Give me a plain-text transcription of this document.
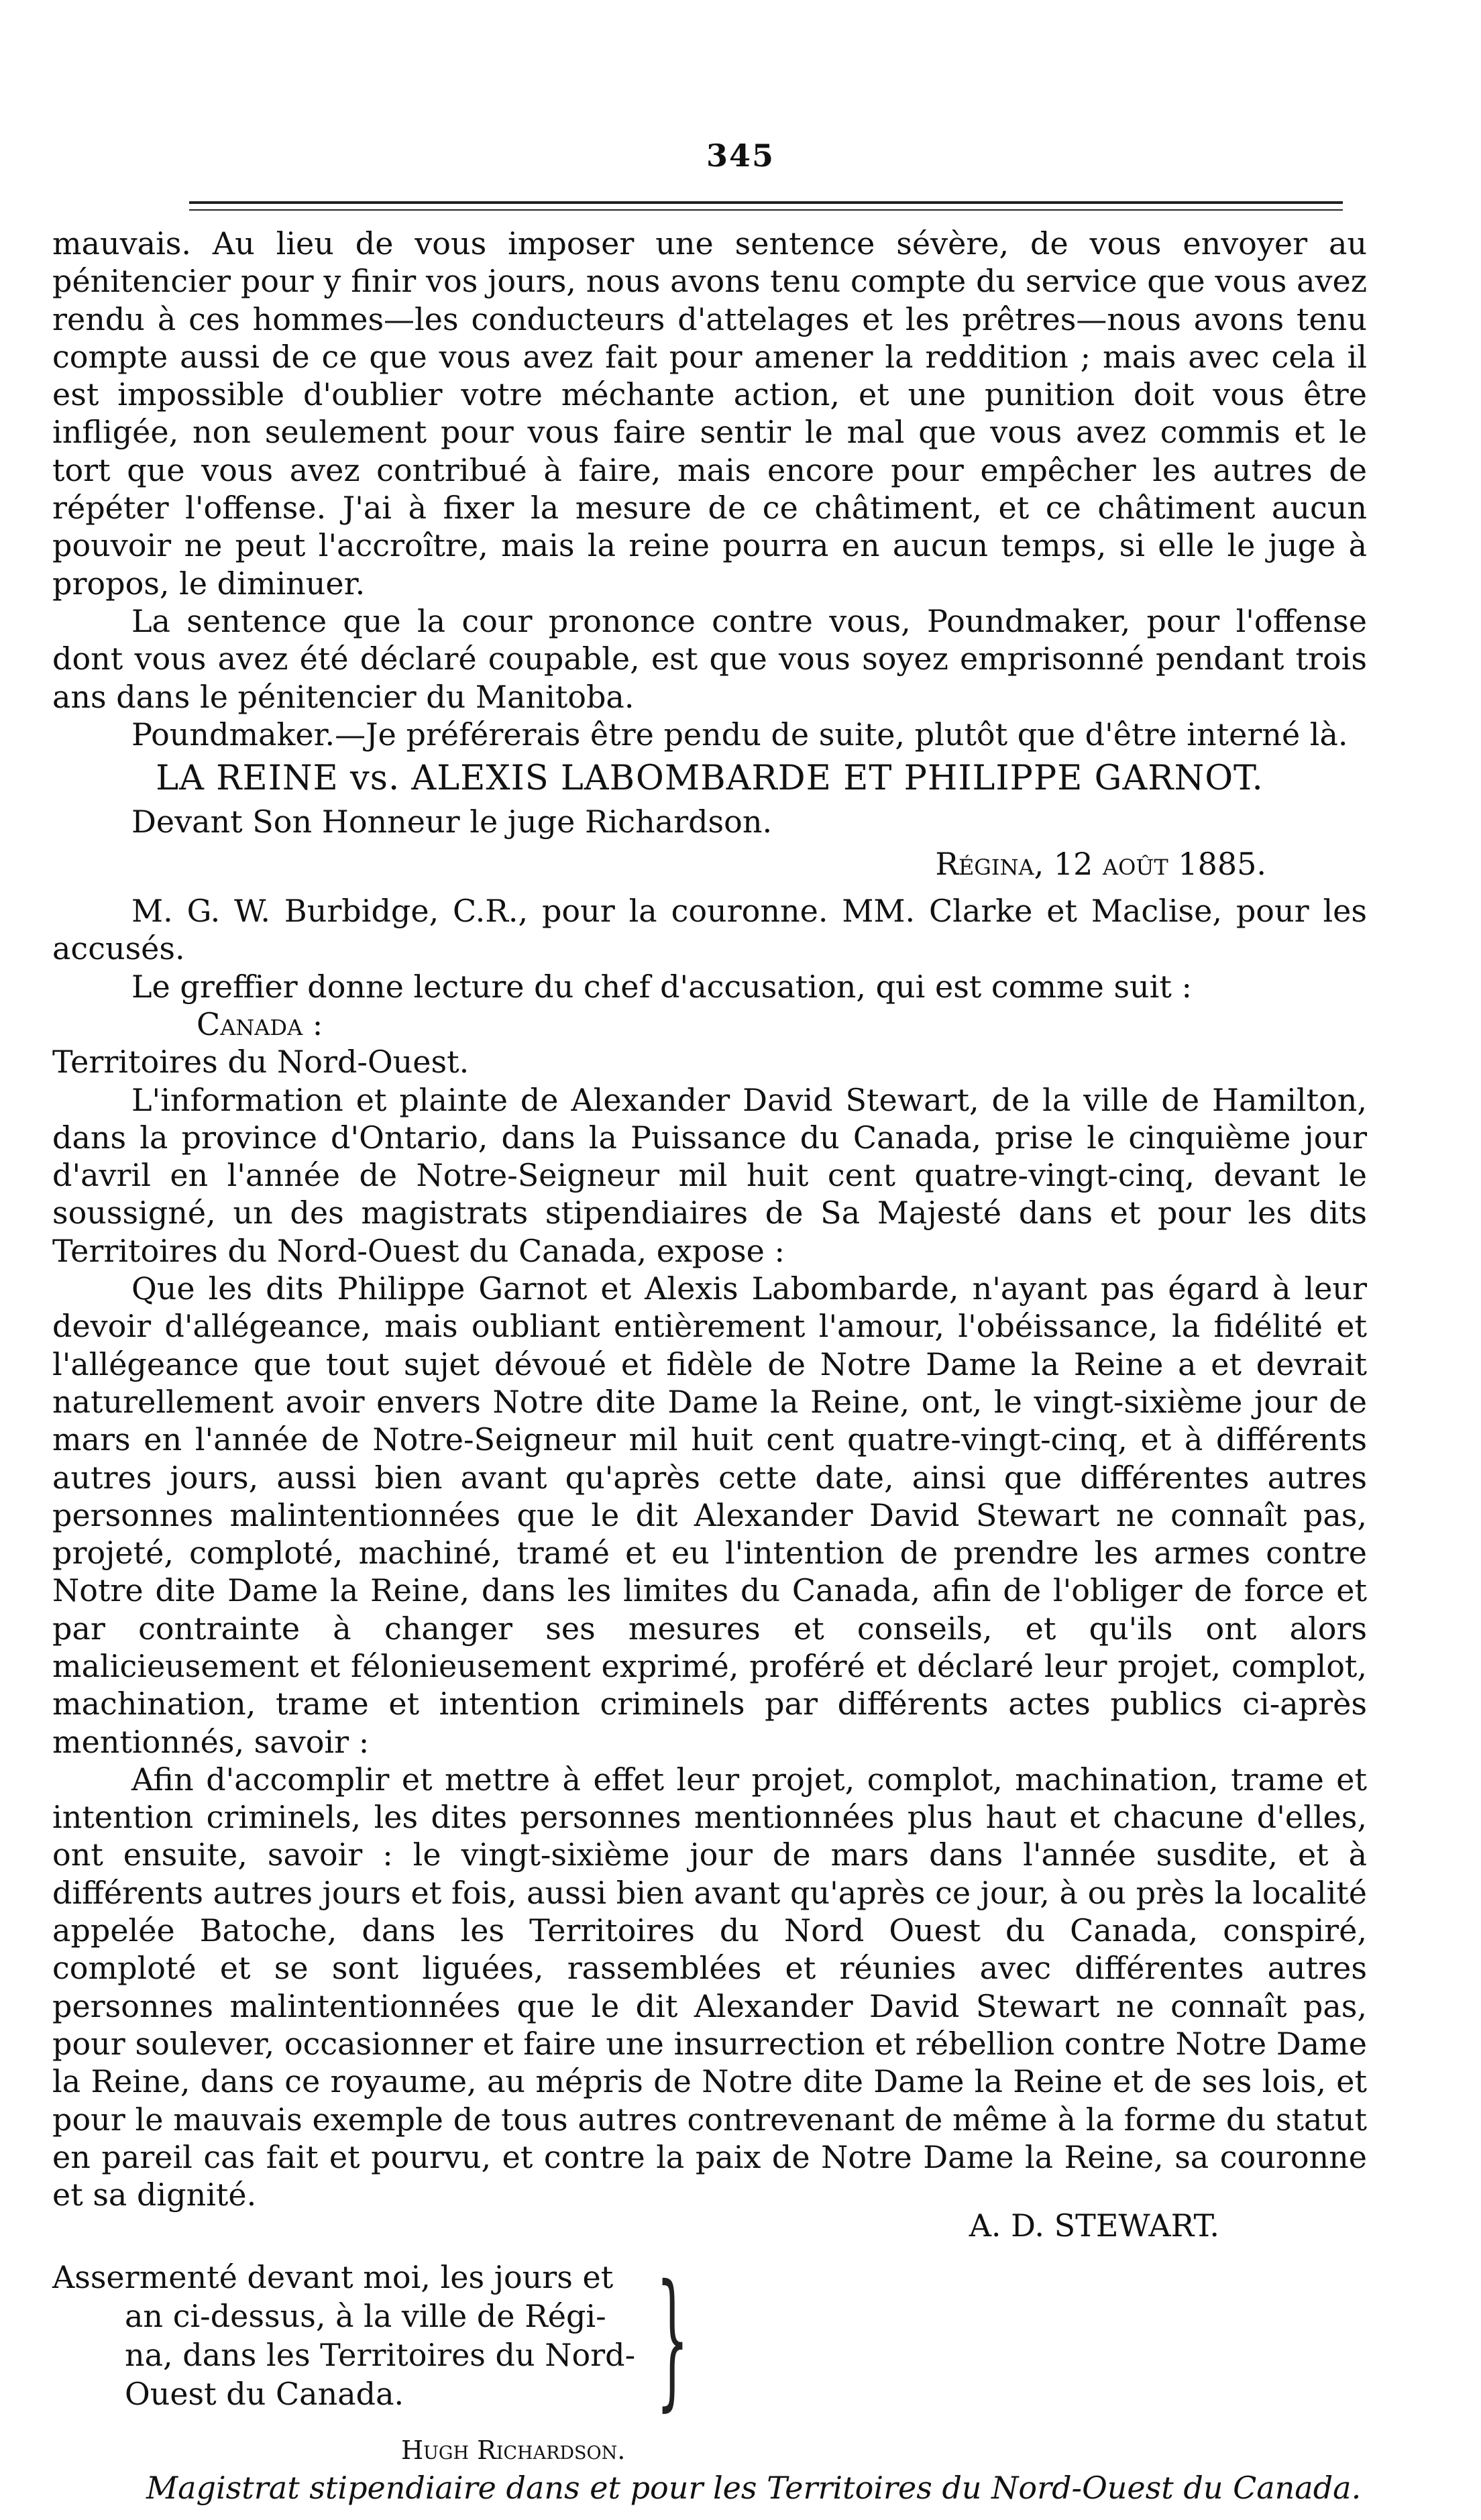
345

mauvais. Au lieu de vous imposer une sentence sévère, de vous envoyer au pénitencier pour y finir vos jours, nous avons tenu compte du service que vous avez rendu à ces hommes—les conducteurs d'attelages et les prêtres—nous avons tenu compte aussi de ce que vous avez fait pour amener la reddition ; mais avec cela il est impossible d'oublier votre méchante action, et une punition doit vous être infligée, non seulement pour vous faire sentir le mal que vous avez commis et le tort que vous avez contribué à faire, mais encore pour empêcher les autres de répéter l'offense. J'ai à fixer la mesure de ce châtiment, et ce châtiment aucun pouvoir ne peut l'accroître, mais la reine pourra en aucun temps, si elle le juge à propos, le diminuer.

La sentence que la cour prononce contre vous, Poundmaker, pour l'offense dont vous avez été déclaré coupable, est que vous soyez emprisonné pendant trois ans dans le pénitencier du Manitoba.

Poundmaker.—Je préférerais être pendu de suite, plutôt que d'être interné là.

LA REINE vs. ALEXIS LABOMBARDE ET PHILIPPE GARNOT.

Devant Son Honneur le juge Richardson.

Régina, 12 août 1885.

M. G. W. Burbidge, C.R., pour la couronne. MM. Clarke et Maclise, pour les accusés.

Le greffier donne lecture du chef d'accusation, qui est comme suit :

Canada :
Territoires du Nord-Ouest.

L'information et plainte de Alexander David Stewart, de la ville de Hamilton, dans la province d'Ontario, dans la Puissance du Canada, prise le cinquième jour d'avril en l'année de Notre-Seigneur mil huit cent quatre-vingt-cinq, devant le soussigné, un des magistrats stipendiaires de Sa Majesté dans et pour les dits Territoires du Nord-Ouest du Canada, expose :

Que les dits Philippe Garnot et Alexis Labombarde, n'ayant pas égard à leur devoir d'allégeance, mais oubliant entièrement l'amour, l'obéissance, la fidélité et l'allégeance que tout sujet dévoué et fidèle de Notre Dame la Reine a et devrait naturellement avoir envers Notre dite Dame la Reine, ont, le vingt-sixième jour de mars en l'année de Notre-Seigneur mil huit cent quatre-vingt-cinq, et à différents autres jours, aussi bien avant qu'après cette date, ainsi que différentes autres personnes malintentionnées que le dit Alexander David Stewart ne connaît pas, projeté, comploté, machiné, tramé et eu l'intention de prendre les armes contre Notre dite Dame la Reine, dans les limites du Canada, afin de l'obliger de force et par contrainte à changer ses mesures et conseils, et qu'ils ont alors malicieusement et félonieusement exprimé, proféré et déclaré leur projet, complot, machination, trame et intention criminels par différents actes publics ci-après mentionnés, savoir :

Afin d'accomplir et mettre à effet leur projet, complot, machination, trame et intention criminels, les dites personnes mentionnées plus haut et chacune d'elles, ont ensuite, savoir : le vingt-sixième jour de mars dans l'année susdite, et à différents autres jours et fois, aussi bien avant qu'après ce jour, à ou près la localité appelée Batoche, dans les Territoires du Nord Ouest du Canada, conspiré, comploté et se sont liguées, rassemblées et réunies avec différentes autres personnes malintentionnées que le dit Alexander David Stewart ne connaît pas, pour soulever, occasionner et faire une insurrection et rébellion contre Notre Dame la Reine, dans ce royaume, au mépris de Notre dite Dame la Reine et de ses lois, et pour le mauvais exemple de tous autres contrevenant de même à la forme du statut en pareil cas fait et pourvu, et contre la paix de Notre Dame la Reine, sa couronne et sa dignité.

A. D. STEWART.

Assermenté devant moi, les jours et
an ci-dessus, à la ville de Régi-
na, dans les Territoires du Nord-
Ouest du Canada. }

Hugh Richardson.

Magistrat stipendiaire dans et pour les Territoires du Nord-Ouest du Canada.
